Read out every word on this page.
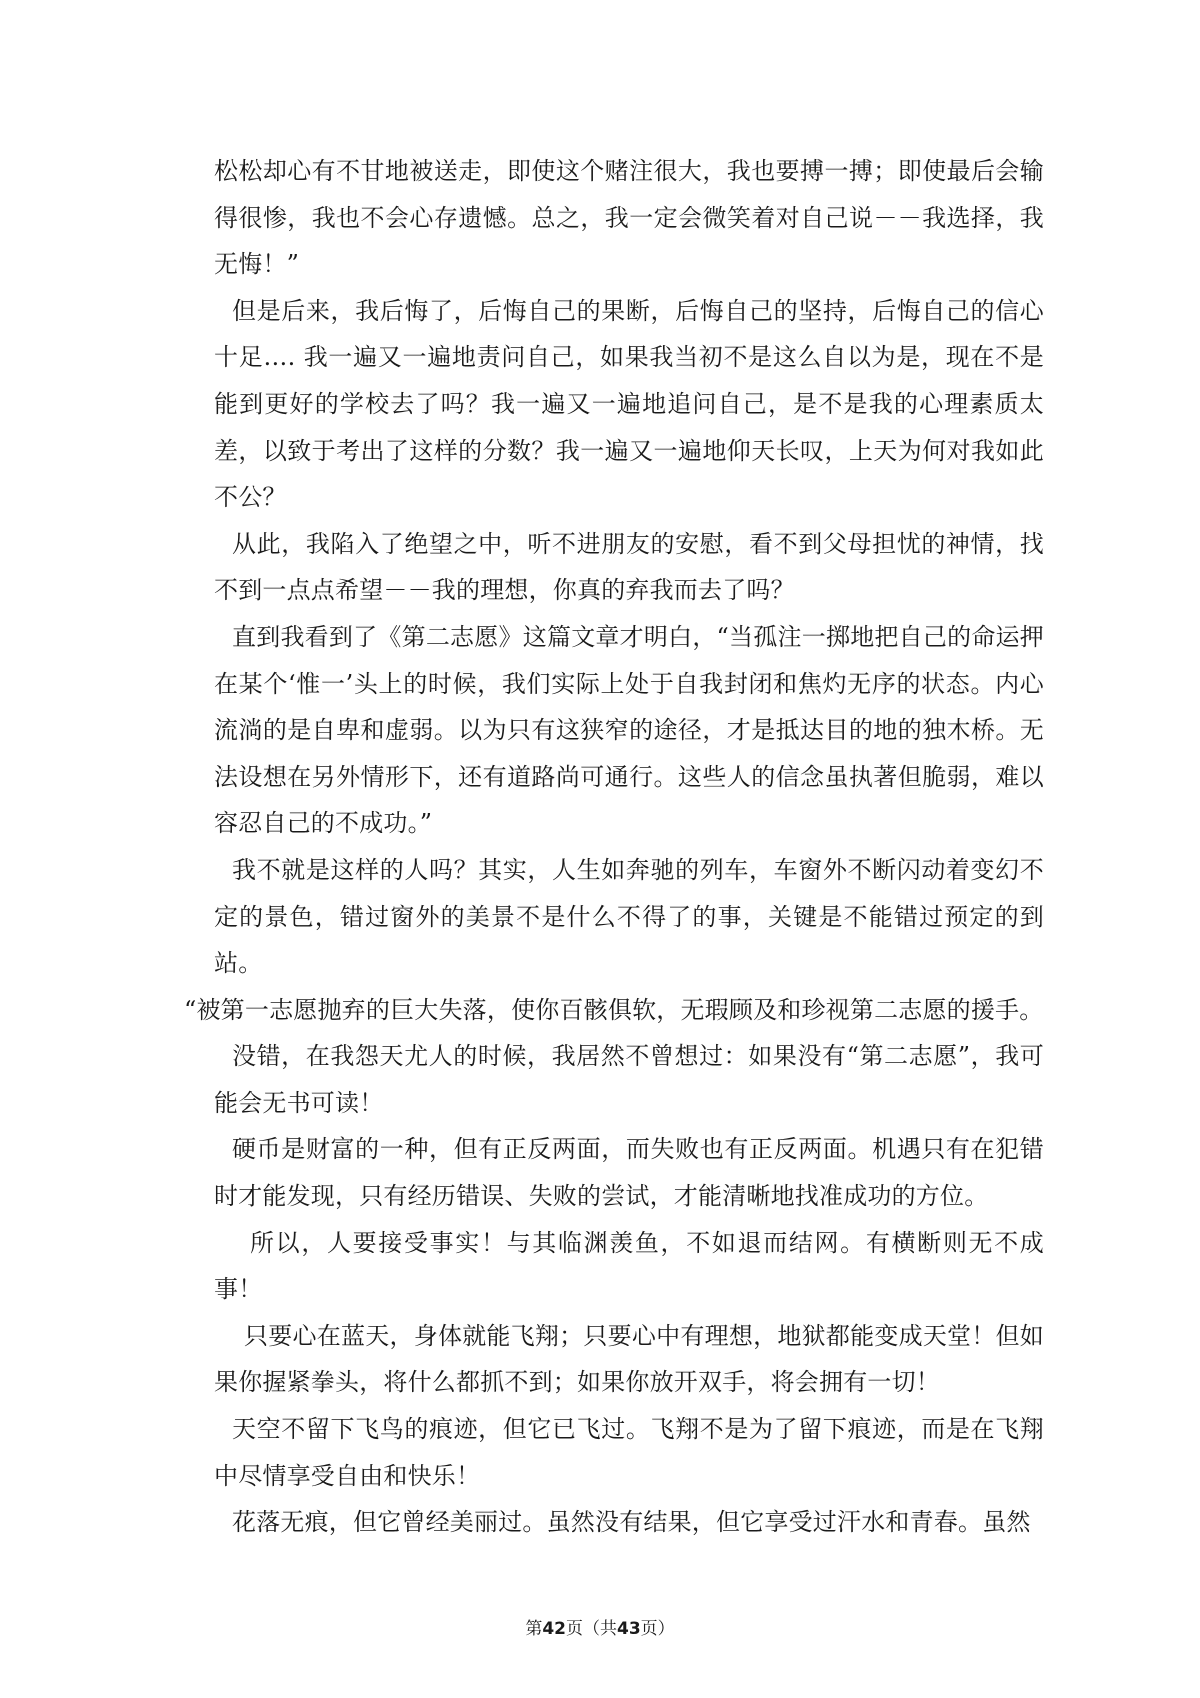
松松却心有不甘地被送走，即使这个赌注很大，我也要搏一搏；即使最后会输得很惨，我也不会心存遗憾。总之，我一定会微笑着对自己说－－我选择，我无悔！”

但是后来，我后悔了，后悔自己的果断，后悔自己的坚持，后悔自己的信心十足…. 我一遍又一遍地责问自己，如果我当初不是这么自以为是，现在不是能到更好的学校去了吗？我一遍又一遍地追问自己，是不是我的心理素质太差，以致于考出了这样的分数？我一遍又一遍地仰天长叹，上天为何对我如此不公？

从此，我陷入了绝望之中，听不进朋友的安慰，看不到父母担忧的神情，找不到一点点希望－－我的理想，你真的弃我而去了吗？

直到我看到了《第二志愿》这篇文章才明白，“当孤注一掷地把自己的命运押在某个‘惟一’头上的时候，我们实际上处于自我封闭和焦灼无序的状态。内心流淌的是自卑和虚弱。以为只有这狭窄的途径，才是抵达目的地的独木桥。无法设想在另外情形下，还有道路尚可通行。这些人的信念虽执著但脆弱，难以容忍自己的不成功。”

我不就是这样的人吗？其实，人生如奔驰的列车，车窗外不断闪动着变幻不定的景色，错过窗外的美景不是什么不得了的事，关键是不能错过预定的到站。

“被第一志愿抛弃的巨大失落，使你百骸俱软，无瑕顾及和珍视第二志愿的援手。

没错，在我怨天尤人的时候，我居然不曾想过：如果没有“第二志愿”，我可能会无书可读！

硬币是财富的一种，但有正反两面，而失败也有正反两面。机遇只有在犯错时才能发现，只有经历错误、失败的尝试，才能清晰地找准成功的方位。

所以，人要接受事实！与其临渊羡鱼，不如退而结网。有横断则无不成事！

只要心在蓝天，身体就能飞翔；只要心中有理想，地狱都能变成天堂！但如果你握紧拳头，将什么都抓不到；如果你放开双手，将会拥有一切！

天空不留下飞鸟的痕迹，但它已飞过。飞翔不是为了留下痕迹，而是在飞翔中尽情享受自由和快乐！

花落无痕，但它曾经美丽过。虽然没有结果，但它享受过汗水和青春。虽然

第42页（共43页）
